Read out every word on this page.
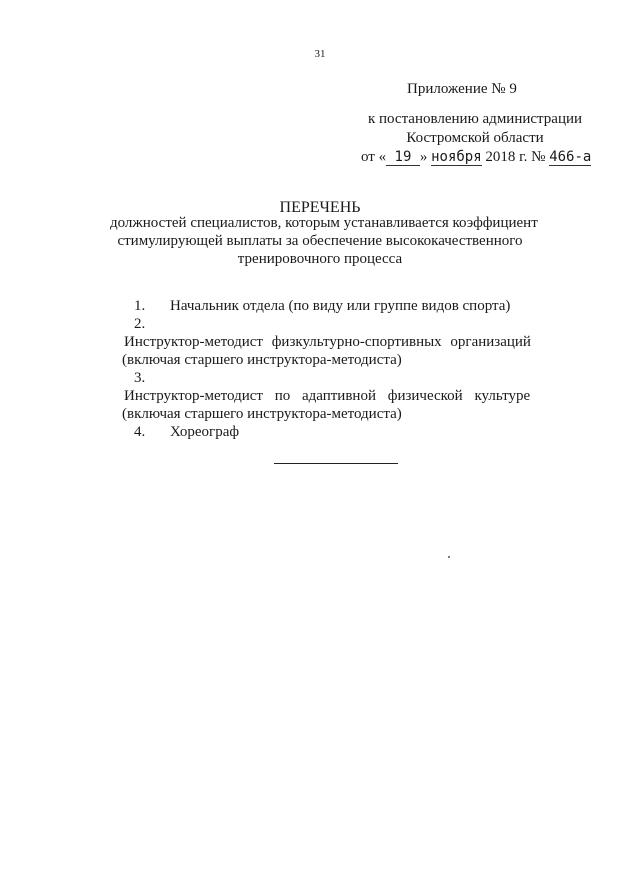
31
Приложение № 9
к постановлению администрации
Костромской области
от « 19 » ноября 2018 г. № 466-а
ПЕРЕЧЕНЬ
должностей специалистов, которым устанавливается коэффициент
стимулирующей выплаты за обеспечение высококачественного
тренировочного процесса
1. Начальник отдела (по виду или группе видов спорта)
2.Инструктор-методист физкультурно-спортивных организаций
(включая старшего инструктора-методиста)
3.Инструктор-методист по адаптивной физической культуре
(включая старшего инструктора-методиста)
4. Хореограф
